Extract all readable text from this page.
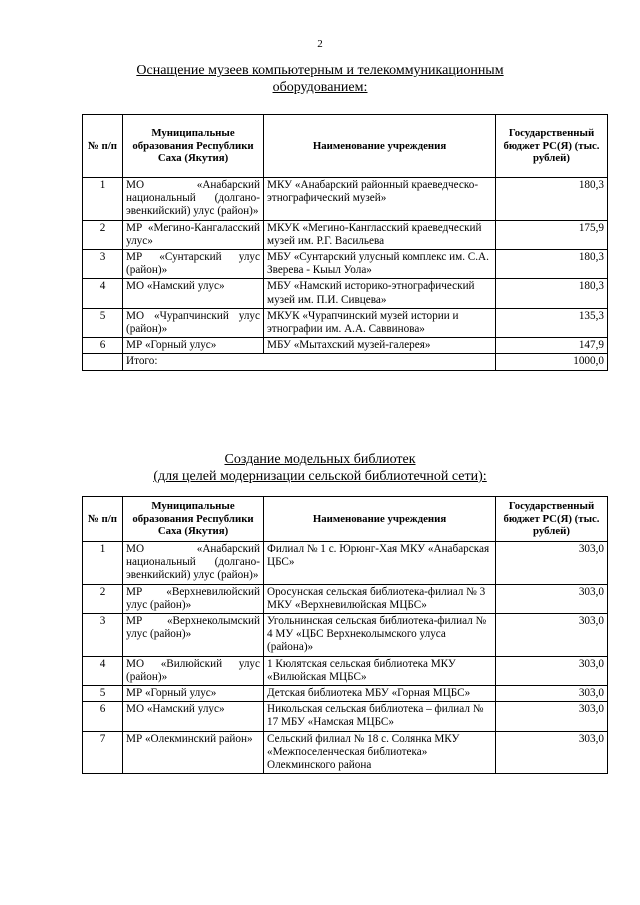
2
Оснащение музеев компьютерным и телекоммуникационным
оборудованием:
№ п/п	Муниципальные образования Республики Саха (Якутия)	Наименование учреждения	Государственный бюджет РС(Я) (тыс. рублей)
1	МО «Анабарский национальный (долгано-эвенкийский) улус (район)»	МКУ «Анабарский районный краеведческо-этнографический музей»	180,3
2	МР «Мегино-Кангаласский улус»	МКУК «Мегино-Кангласский краеведческий музей им. Р.Г. Васильева	175,9
3	МР «Сунтарский улус (район)»	МБУ «Сунтарский улусный комплекс им. С.А. Зверева - Кыыл Уола»	180,3
4	МО «Намский улус»	МБУ «Намский историко-этнографический музей им. П.И. Сивцева»	180,3
5	МО «Чурапчинский улус (район)»	МКУК «Чурапчинский музей истории и этнографии им. А.А. Саввинова»	135,3
6	МР «Горный улус»	МБУ «Мытахский музей-галерея»	147,9
	Итого:		1000,0
Создание модельных библиотек
(для целей модернизации сельской библиотечной сети):
№ п/п	Муниципальные образования Республики Саха (Якутия)	Наименование учреждения	Государственный бюджет РС(Я) (тыс. рублей)
1	МО «Анабарский национальный (долгано-эвенкийский) улус (район)»	Филиал № 1 с. Юрюнг-Хая МКУ «Анабарская ЦБС»	303,0
2	МР «Верхневилюйский улус (район)»	Оросунская сельская библиотека-филиал № 3 МКУ «Верхневилюйская МЦБС»	303,0
3	МР «Верхнеколымский улус (район)»	Угольнинская сельская библиотека-филиал № 4 МУ «ЦБС Верхнеколымского улуса (района)»	303,0
4	МО «Вилюйский улус (район)»	1 Кюлятская сельская библиотека МКУ «Вилюйская МЦБС»	303,0
5	МР «Горный улус»	Детская библиотека МБУ «Горная МЦБС»	303,0
6	МО «Намский улус»	Никольская сельская библиотека – филиал № 17 МБУ «Намская МЦБС»	303,0
7	МР «Олекминский район»	Сельский филиал № 18 с. Солянка МКУ «Межпоселенческая библиотека» Олекминского района	303,0
